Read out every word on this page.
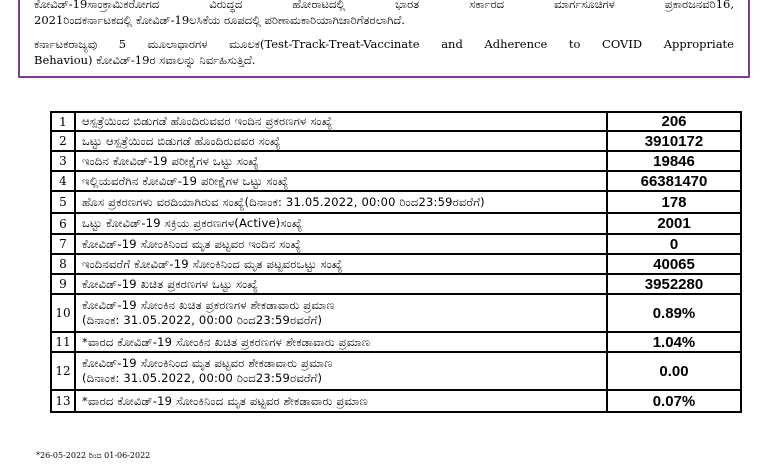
ಕೋವಿಡ್-19ಸಾಂಕ್ರಾಮಿಕರೋಗದ ವಿರುದ್ಧದ ಹೋರಾಟದಲ್ಲಿ ಭಾರತ ಸರ್ಕಾರದ ಮಾರ್ಗಸೂಚಿಗಳ ಪ್ರಕಾರಜನವರಿ16,

2021ರಿಂದಕರ್ನಾಟಕದಲ್ಲಿ ಕೋವಿಡ್-19ಲಸಿಕೆಯ ರೂಪದಲ್ಲಿ ಪರಿಣಾಮಕಾರಿಯಾಗಿಜಾರಿಗೆತರಲಾಗಿದೆ.

ಕರ್ನಾಟಕರಾಜ್ಯವು 5 ಮೂಲಾಧಾರಗಳ ಮೂಲಕ(Test-Track-Treat-Vaccinate and Adherence to COVID Appropriate

Behaviou) ಕೋವಿಡ್-19ರ ಸವಾಲನ್ನು ನಿರ್ವಹಿಸುತ್ತಿದೆ.

1	ಆಸ್ಪತ್ರೆಯಿಂದ ಬಿಡುಗಡೆ ಹೊಂದಿರುವವರ ಇಂದಿನ ಪ್ರಕರಣಗಳ ಸಂಖ್ಯೆ	206
2	ಒಟ್ಟು ಆಸ್ಪತ್ರೆಯಿಂದ ಬಿಡುಗಡೆ ಹೊಂದಿರುವವರ ಸಂಖ್ಯೆ	3910172
3	ಇಂದಿನ ಕೋವಿಡ್-19 ಪರೀಕ್ಷೆಗಳ ಒಟ್ಟು ಸಂಖ್ಯೆ	19846
4	ಇಲ್ಲಿಯವರೆಗಿನ ಕೋವಿಡ್-19 ಪರೀಕ್ಷೆಗಳ ಒಟ್ಟು ಸಂಖ್ಯೆ	66381470
5	ಹೊಸ ಪ್ರಕರಣಗಳು ವರದಿಯಾಗಿರುವ ಸಂಖ್ಯೆ(ದಿನಾಂಕ: 31.05.2022, 00:00 ರಿಂದ23:59ರವರೆಗೆ)	178
6	ಒಟ್ಟು ಕೋವಿಡ್-19 ಸಕ್ರಿಯ ಪ್ರಕರಣಗಳ(Active)ಸಂಖ್ಯೆ	2001
7	ಕೋವಿಡ್-19 ಸೋಂಕಿನಿಂದ ಮೃತ ಪಟ್ಟವರ ಇಂದಿನ ಸಂಖ್ಯೆ	0
8	ಇಂದಿನವರೆಗೆ ಕೋವಿಡ್-19 ಸೋಂಕಿನಿಂದ ಮೃತ ಪಟ್ಟವರಒಟ್ಟು ಸಂಖ್ಯೆ	40065
9	ಕೋವಿಡ್-19 ಖಚಿತ ಪ್ರಕರಣಗಳ ಒಟ್ಟು ಸಂಖ್ಯೆ	3952280
10	ಕೋವಿಡ್-19 ಸೋಂಕಿನ ಖಚಿತ ಪ್ರಕರಣಗಳ ಶೇಕಡಾವಾರು ಪ್ರಮಾಣ
(ದಿನಾಂಕ: 31.05.2022, 00:00 ರಿಂದ23:59ರವರೆಗೆ)	0.89%
11	*ವಾರದ ಕೋವಿಡ್-19 ಸೋಂಕಿನ ಖಚಿತ ಪ್ರಕರಣಗಳ ಶೇಕಡಾವಾರು ಪ್ರಮಾಣ	1.04%
12	ಕೋವಿಡ್-19 ಸೋಂಕಿನಿಂದ ಮೃತ ಪಟ್ಟವರ ಶೇಕಡಾವಾರು ಪ್ರಮಾಣ
(ದಿನಾಂಕ: 31.05.2022, 00:00 ರಿಂದ23:59ರವರೆಗೆ)	0.00
13	*ವಾರದ ಕೋವಿಡ್-19 ಸೋಂಕಿನಿಂದ ಮೃತ ಪಟ್ಟವರ ಶೇಕಡಾವಾರು ಪ್ರಮಾಣ	0.07%
*26-05-2022 ರಿಂದ 01-06-2022
